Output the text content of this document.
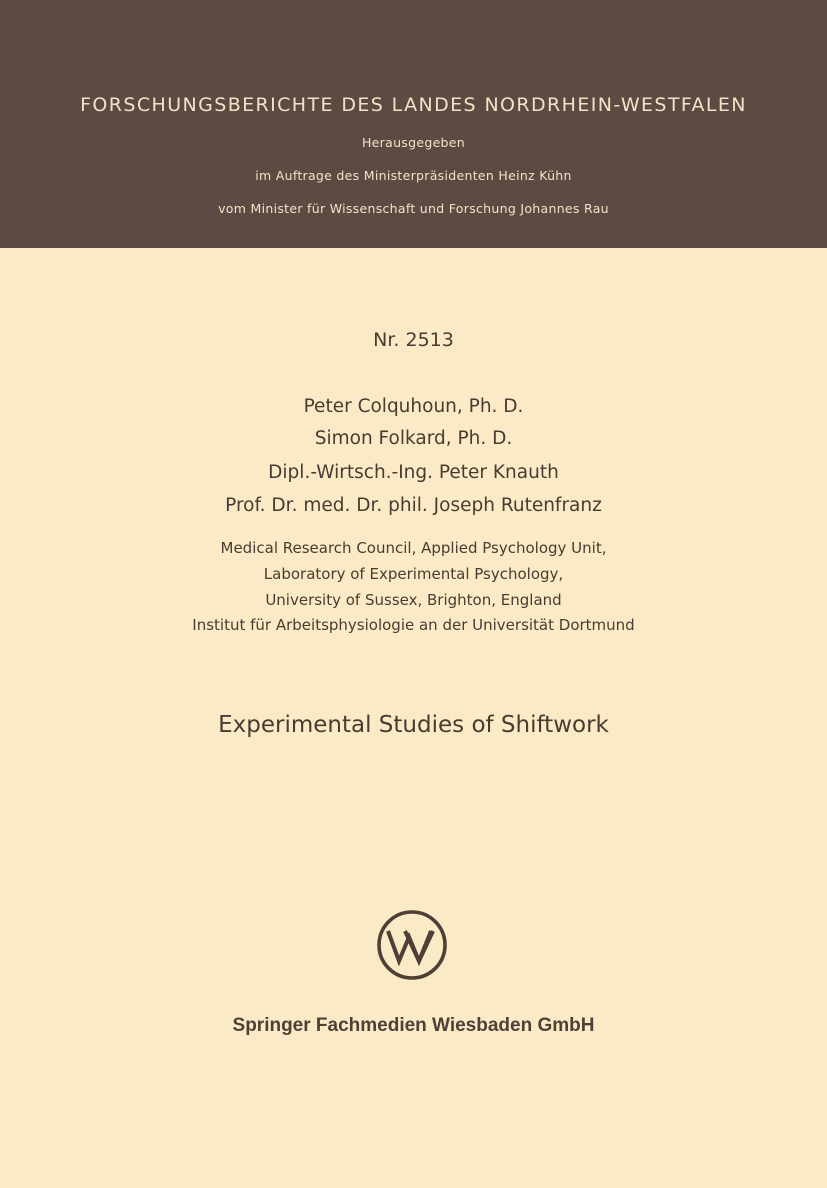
FORSCHUNGSBERICHTE DES LANDES NORDRHEIN-WESTFALEN
Herausgegeben
im Auftrage des Ministerpräsidenten Heinz Kühn
vom Minister für Wissenschaft und Forschung Johannes Rau
Nr. 2513
Peter Colquhoun, Ph. D.
Simon Folkard, Ph. D.
Dipl.-Wirtsch.-Ing. Peter Knauth
Prof. Dr. med. Dr. phil. Joseph Rutenfranz
Medical Research Council, Applied Psychology Unit,
Laboratory of Experimental Psychology,
University of Sussex, Brighton, England
Institut für Arbeitsphysiologie an der Universität Dortmund
Experimental Studies of Shiftwork
Springer Fachmedien Wiesbaden GmbH
